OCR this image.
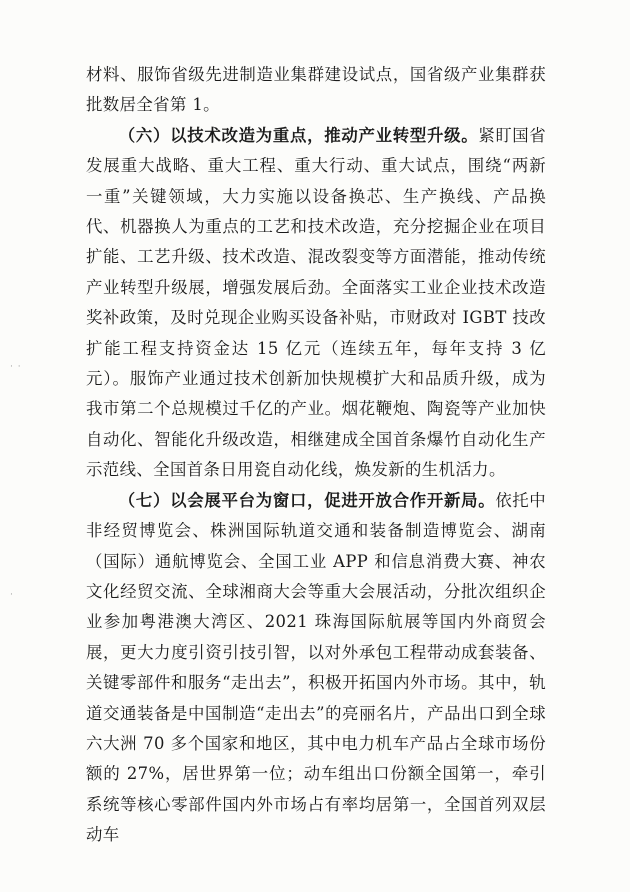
材料、服饰省级先进制造业集群建设试点，国省级产业集群获批数居全省第 1。

（六）以技术改造为重点，推动产业转型升级。紧盯国省发展重大战略、重大工程、重大行动、重大试点，围绕“两新一重”关键领域，大力实施以设备换芯、生产换线、产品换代、机器换人为重点的工艺和技术改造，充分挖掘企业在项目扩能、工艺升级、技术改造、混改裂变等方面潜能，推动传统产业转型升级展，增强发展后劲。全面落实工业企业技术改造奖补政策，及时兑现企业购买设备补贴，市财政对 IGBT 技改扩能工程支持资金达 15 亿元（连续五年，每年支持 3 亿元）。服饰产业通过技术创新加快规模扩大和品质升级，成为我市第二个总规模过千亿的产业。烟花鞭炮、陶瓷等产业加快自动化、智能化升级改造，相继建成全国首条爆竹自动化生产示范线、全国首条日用瓷自动化线，焕发新的生机活力。

（七）以会展平台为窗口，促进开放合作开新局。依托中非经贸博览会、株洲国际轨道交通和装备制造博览会、湖南（国际）通航博览会、全国工业 APP 和信息消费大赛、神农文化经贸交流、全球湘商大会等重大会展活动，分批次组织企业参加粤港澳大湾区、2021 珠海国际航展等国内外商贸会展，更大力度引资引技引智，以对外承包工程带动成套装备、关键零部件和服务“走出去”，积极开拓国内外市场。其中，轨道交通装备是中国制造“走出去”的亮丽名片，产品出口到全球六大洲 70 多个国家和地区，其中电力机车产品占全球市场份额的 27%，居世界第一位；动车组出口份额全国第一，牵引系统等核心零部件国内外市场占有率均居第一，全国首列双层动车

· ·
·
